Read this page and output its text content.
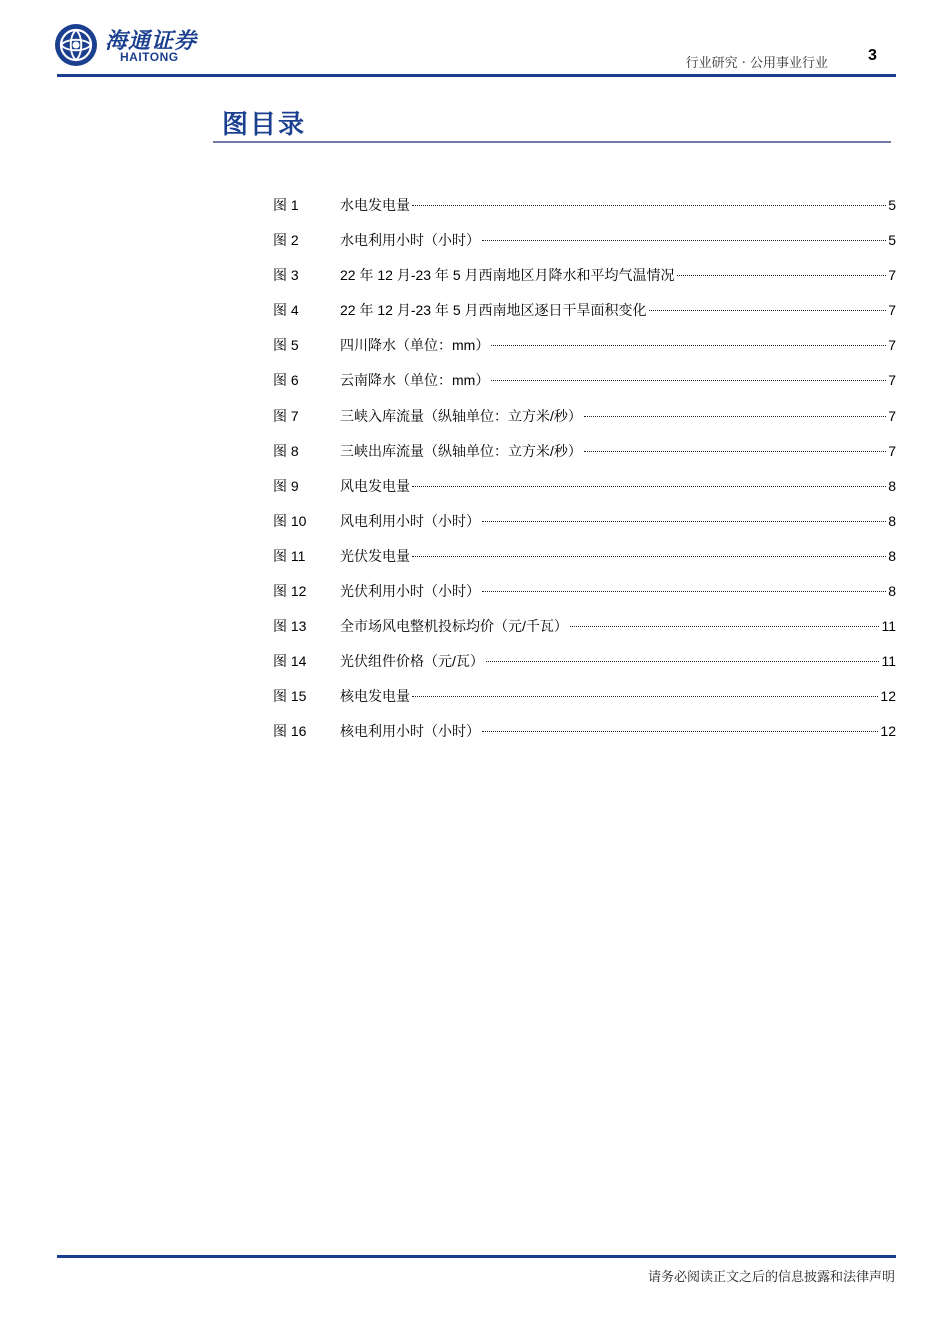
海通证券
HAITONG	行业研究 · 公用事业行业	3
图目录
图 1	水电发电量	5
图 2	水电利用小时（小时）	5
图 3	22 年 12 月-23 年 5 月西南地区月降水和平均气温情况	7
图 4	22 年 12 月-23 年 5 月西南地区逐日干旱面积变化	7
图 5	四川降水（单位：mm）	7
图 6	云南降水（单位：mm）	7
图 7	三峡入库流量（纵轴单位：立方米/秒）	7
图 8	三峡出库流量（纵轴单位：立方米/秒）	7
图 9	风电发电量	8
图 10	风电利用小时（小时）	8
图 11	光伏发电量	8
图 12	光伏利用小时（小时）	8
图 13	全市场风电整机投标均价（元/千瓦）	11
图 14	光伏组件价格（元/瓦）	11
图 15	核电发电量	12
图 16	核电利用小时（小时）	12
请务必阅读正文之后的信息披露和法律声明
